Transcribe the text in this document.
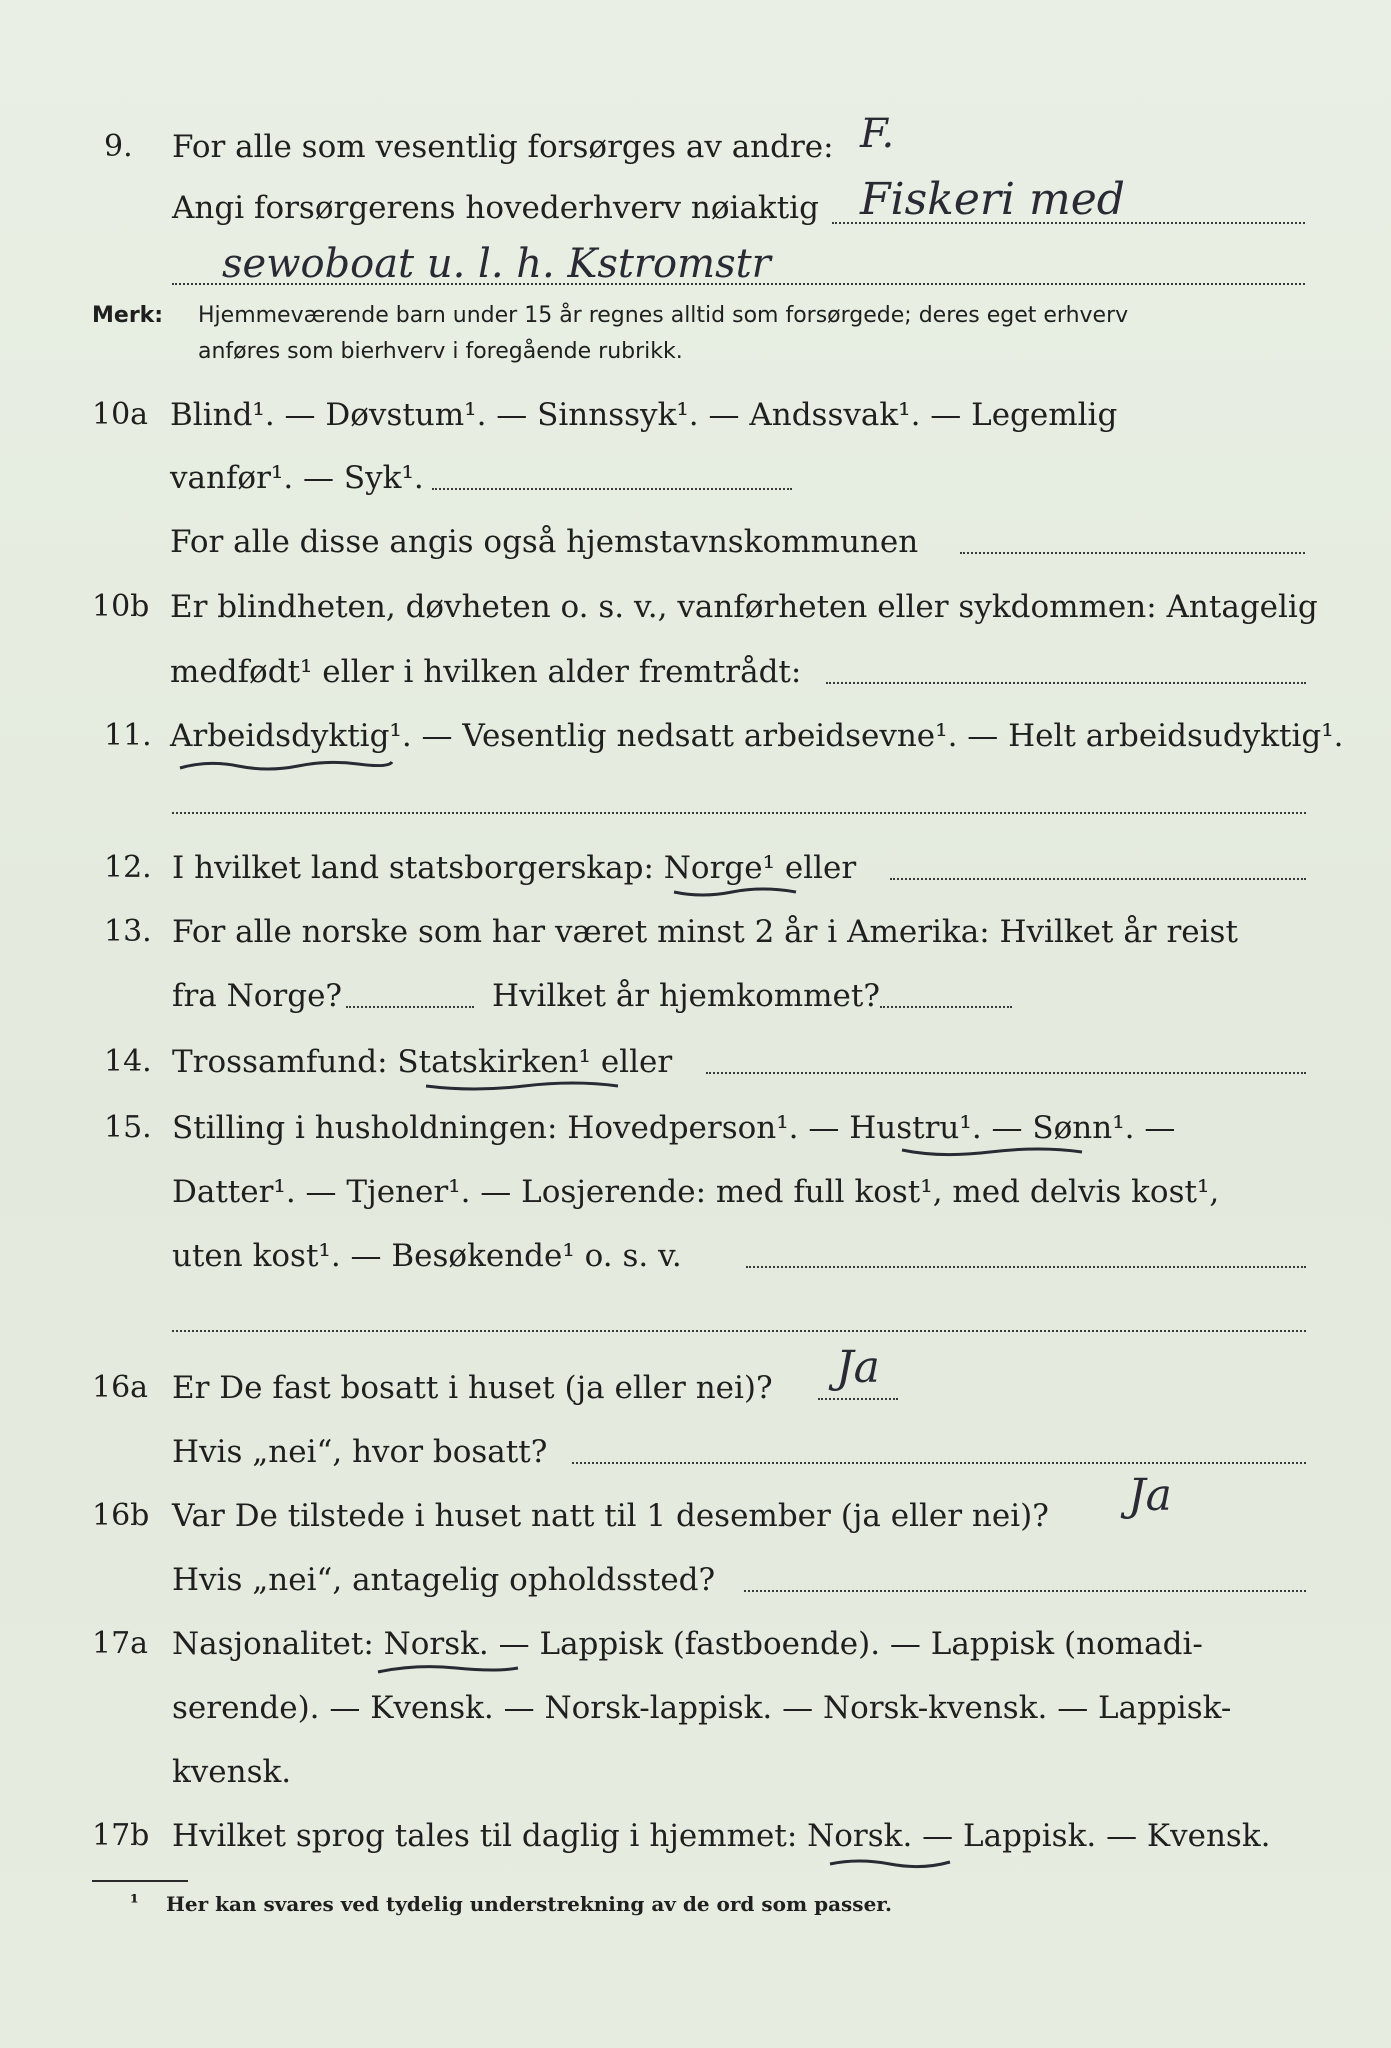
9. For alle som vesentlig forsørges av andre: F.
Angi forsørgerens hovederhverv nøiaktig Fiskeri med
sewoboat u. l. h. Kstromstr
Merk: Hjemmeværende barn under 15 år regnes alltid som forsørgede; deres eget erhverv
anføres som bierhverv i foregående rubrikk.
10a Blind¹. — Døvstum¹. — Sinnssyk¹. — Andssvak¹. — Legemlig
vanfør¹. — Syk¹.
For alle disse angis også hjemstavnskommunen
10b Er blindheten, døvheten o. s. v., vanførheten eller sykdommen: Antagelig
medfødt¹ eller i hvilken alder fremtrådt:
11. Arbeidsdyktig¹. — Vesentlig nedsatt arbeidsevne¹. — Helt arbeidsudyktig¹.
12. I hvilket land statsborgerskap: Norge¹ eller
13. For alle norske som har været minst 2 år i Amerika: Hvilket år reist
fra Norge?	Hvilket år hjemkommet?
14. Trossamfund: Statskirken¹ eller
15. Stilling i husholdningen: Hovedperson¹. — Hustru¹. — Sønn¹. —
Datter¹. — Tjener¹. — Losjerende: med full kost¹, med delvis kost¹,
uten kost¹. — Besøkende¹ o. s. v.
16a Er De fast bosatt i huset (ja eller nei)? Ja
Hvis „nei“, hvor bosatt?
16b Var De tilstede i huset natt til 1 desember (ja eller nei)? Ja
Hvis „nei“, antagelig opholdssted?
17a Nasjonalitet: Norsk. — Lappisk (fastboende). — Lappisk (nomadi-
serende). — Kvensk. — Norsk-lappisk. — Norsk-kvensk. — Lappisk-
kvensk.
17b Hvilket sprog tales til daglig i hjemmet: Norsk. — Lappisk. — Kvensk.
¹ Her kan svares ved tydelig understrekning av de ord som passer.
